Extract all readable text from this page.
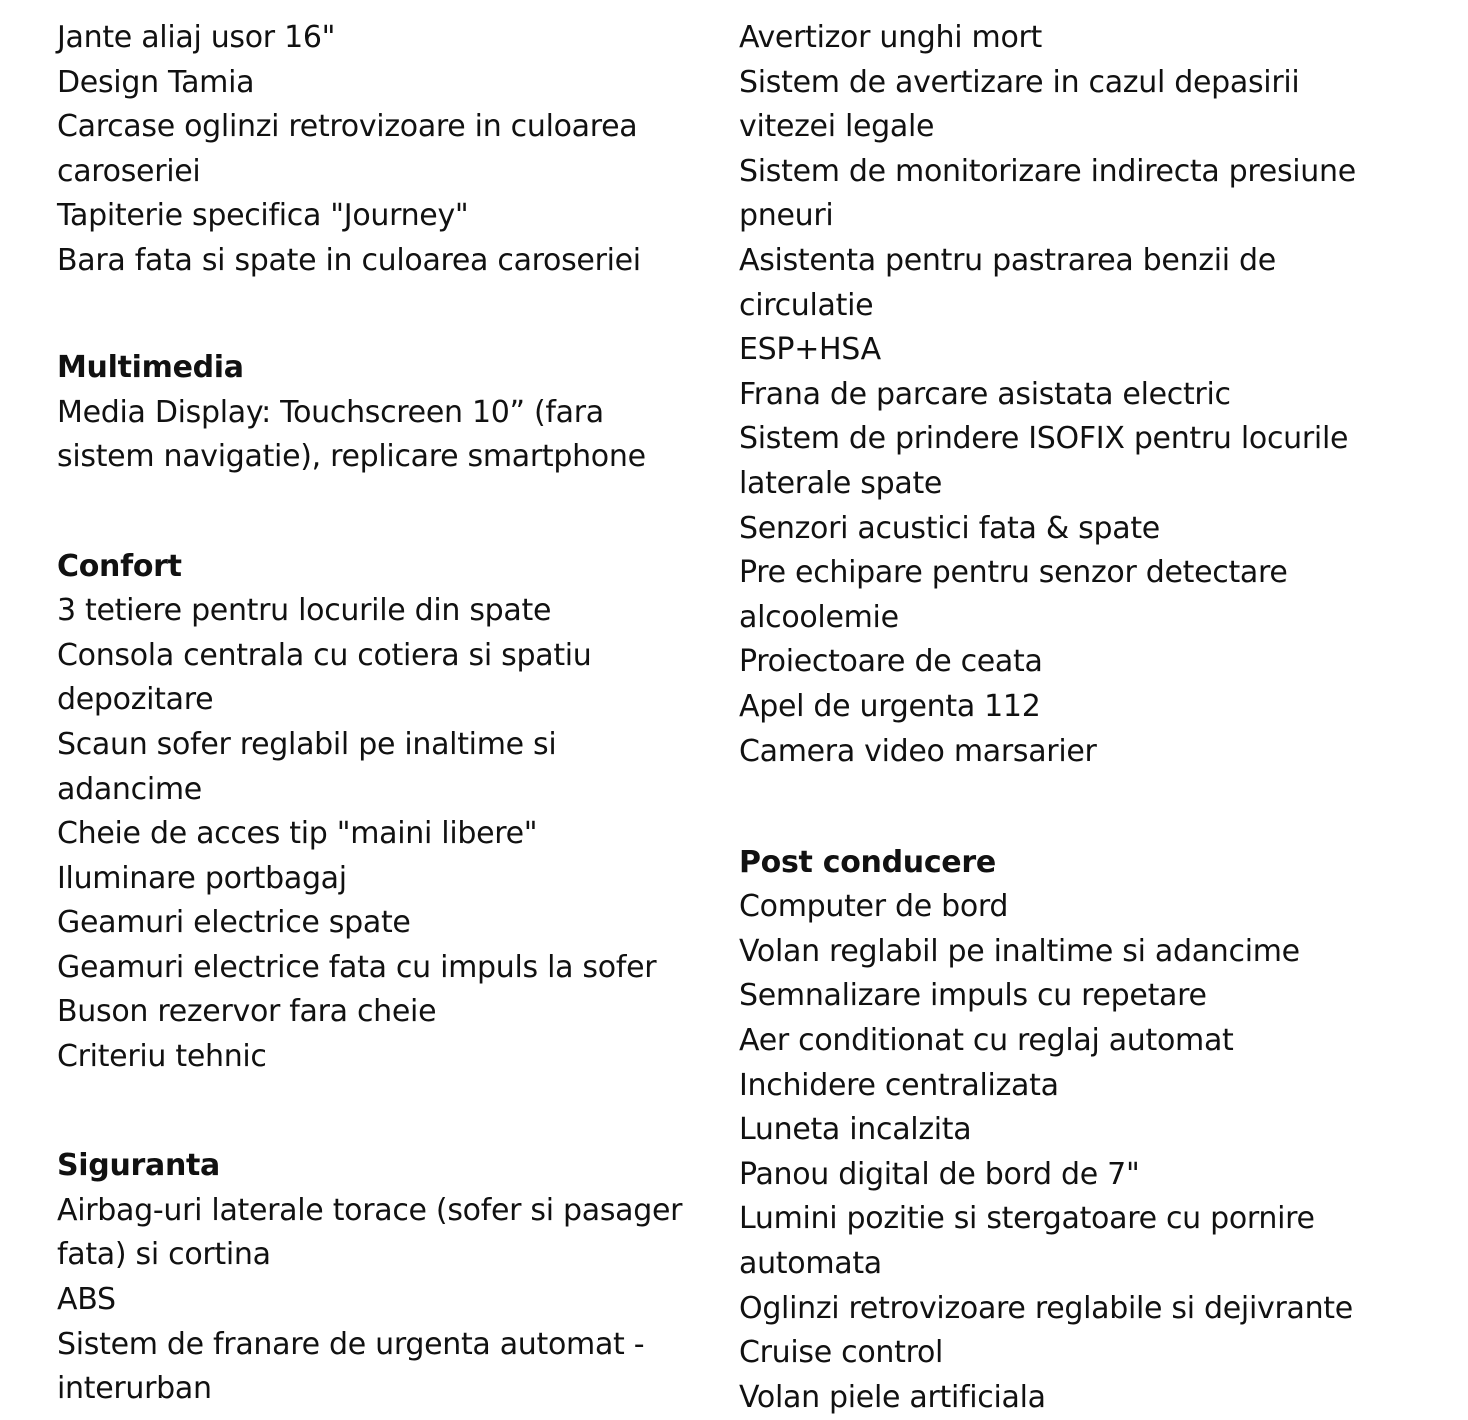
Jante aliaj usor 16"

Design Tamia

Carcase oglinzi retrovizoare in culoarea

caroseriei

Tapiterie specifica "Journey"

Bara fata si spate in culoarea caroseriei

Multimedia

Media Display: Touchscreen 10” (fara

sistem navigatie), replicare smartphone

Confort

3 tetiere pentru locurile din spate

Consola centrala cu cotiera si spatiu

depozitare

Scaun sofer reglabil pe inaltime si

adancime

Cheie de acces tip "maini libere"

Iluminare portbagaj

Geamuri electrice spate

Geamuri electrice fata cu impuls la sofer

Buson rezervor fara cheie

Criteriu tehnic

Siguranta

Airbag-uri laterale torace (sofer si pasager

fata) si cortina

ABS

Sistem de franare de urgenta automat -

interurban

Avertizor unghi mort

Sistem de avertizare in cazul depasirii

vitezei legale

Sistem de monitorizare indirecta presiune

pneuri

Asistenta pentru pastrarea benzii de

circulatie

ESP+HSA

Frana de parcare asistata electric

Sistem de prindere ISOFIX pentru locurile

laterale spate

Senzori acustici fata & spate

Pre echipare pentru senzor detectare

alcoolemie

Proiectoare de ceata

Apel de urgenta 112

Camera video marsarier

Post conducere

Computer de bord

Volan reglabil pe inaltime si adancime

Semnalizare impuls cu repetare

Aer conditionat cu reglaj automat

Inchidere centralizata

Luneta incalzita

Panou digital de bord de 7"

Lumini pozitie si stergatoare cu pornire

automata

Oglinzi retrovizoare reglabile si dejivrante

Cruise control

Volan piele artificiala
